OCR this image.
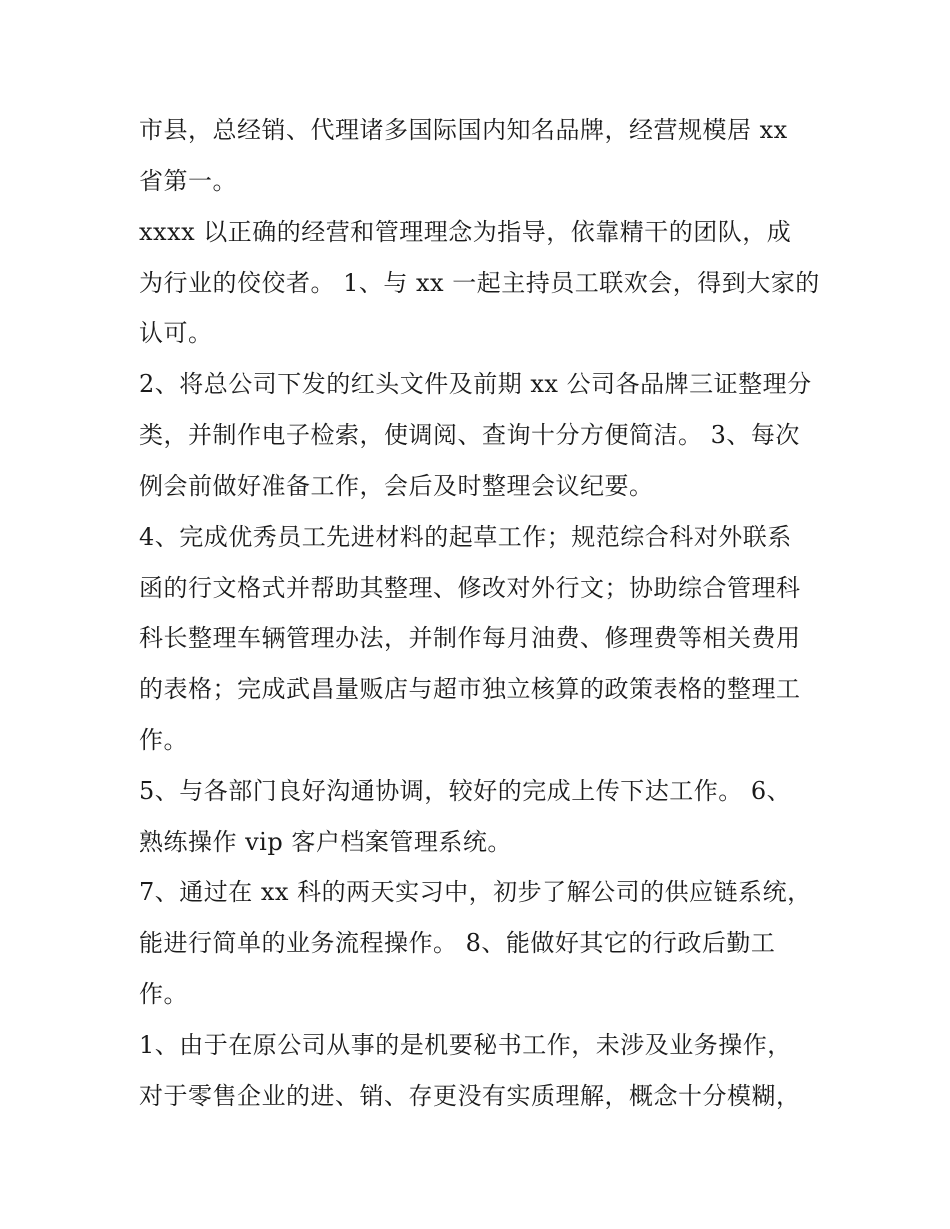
市县，总经销、代理诸多国际国内知名品牌，经营规模居 xx
省第一。
xxxx 以正确的经营和管理理念为指导，依靠精干的团队，成
为行业的佼佼者。 1、与 xx 一起主持员工联欢会，得到大家的
认可。
2、将总公司下发的红头文件及前期 xx 公司各品牌三证整理分
类，并制作电子检索，使调阅、查询十分方便简洁。 3、每次
例会前做好准备工作，会后及时整理会议纪要。
4、完成优秀员工先进材料的起草工作；规范综合科对外联系
函的行文格式并帮助其整理、修改对外行文；协助综合管理科
科长整理车辆管理办法，并制作每月油费、修理费等相关费用
的表格；完成武昌量贩店与超市独立核算的政策表格的整理工
作。
5、与各部门良好沟通协调，较好的完成上传下达工作。 6、
熟练操作 vip 客户档案管理系统。
7、通过在 xx 科的两天实习中，初步了解公司的供应链系统，
能进行简单的业务流程操作。 8、能做好其它的行政后勤工
作。
1、由于在原公司从事的是机要秘书工作，未涉及业务操作，
对于零售企业的进、销、存更没有实质理解，概念十分模糊，
